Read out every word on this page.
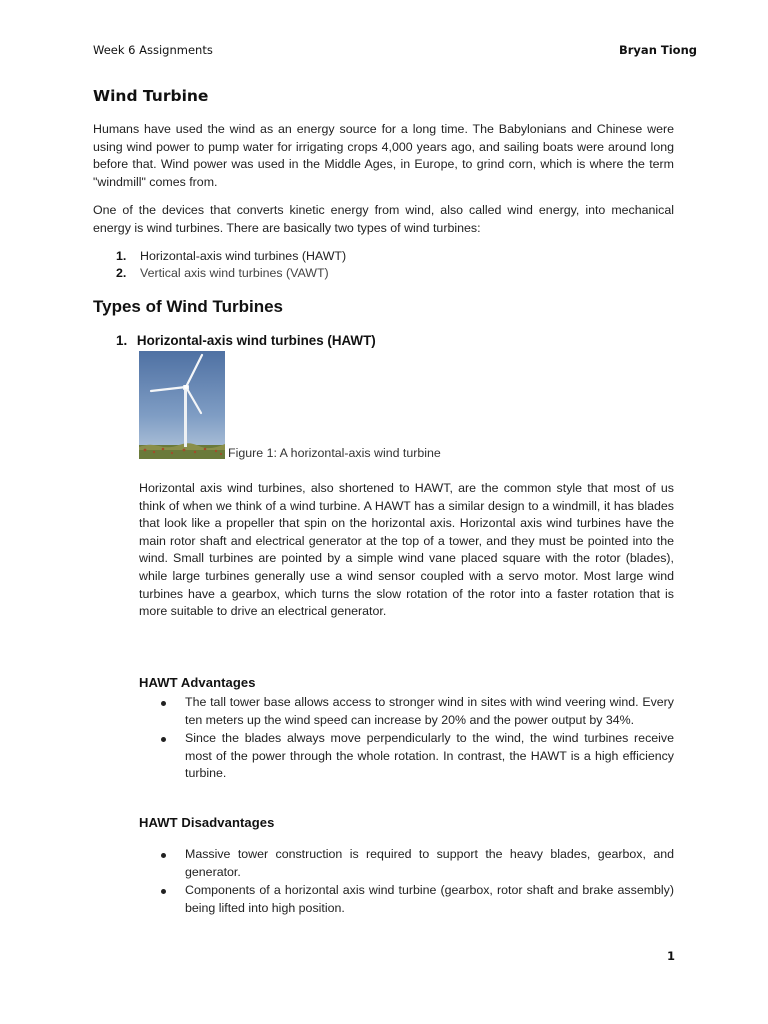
Week 6 Assignments	Bryan Tiong
Wind Turbine
Humans have used the wind as an energy source for a long time. The Babylonians and Chinese were using wind power to pump water for irrigating crops 4,000 years ago, and sailing boats were around long before that. Wind power was used in the Middle Ages, in Europe, to grind corn, which is where the term "windmill" comes from.
One of the devices that converts kinetic energy from wind, also called wind energy, into mechanical energy is wind turbines. There are basically two types of wind turbines:
1. Horizontal-axis wind turbines (HAWT)
2. Vertical axis wind turbines (VAWT)
Types of Wind Turbines
1. Horizontal-axis wind turbines (HAWT)
Figure 1: A horizontal-axis wind turbine
Horizontal axis wind turbines, also shortened to HAWT, are the common style that most of us think of when we think of a wind turbine. A HAWT has a similar design to a windmill, it has blades that look like a propeller that spin on the horizontal axis. Horizontal axis wind turbines have the main rotor shaft and electrical generator at the top of a tower, and they must be pointed into the wind. Small turbines are pointed by a simple wind vane placed square with the rotor (blades), while large turbines generally use a wind sensor coupled with a servo motor. Most large wind turbines have a gearbox, which turns the slow rotation of the rotor into a faster rotation that is more suitable to drive an electrical generator.
HAWT Advantages
The tall tower base allows access to stronger wind in sites with wind veering wind. Every ten meters up the wind speed can increase by 20% and the power output by 34%.
Since the blades always move perpendicularly to the wind, the wind turbines receive most of the power through the whole rotation. In contrast, the HAWT is a high efficiency turbine.
HAWT Disadvantages
Massive tower construction is required to support the heavy blades, gearbox, and generator.
Components of a horizontal axis wind turbine (gearbox, rotor shaft and brake assembly) being lifted into high position.
1
